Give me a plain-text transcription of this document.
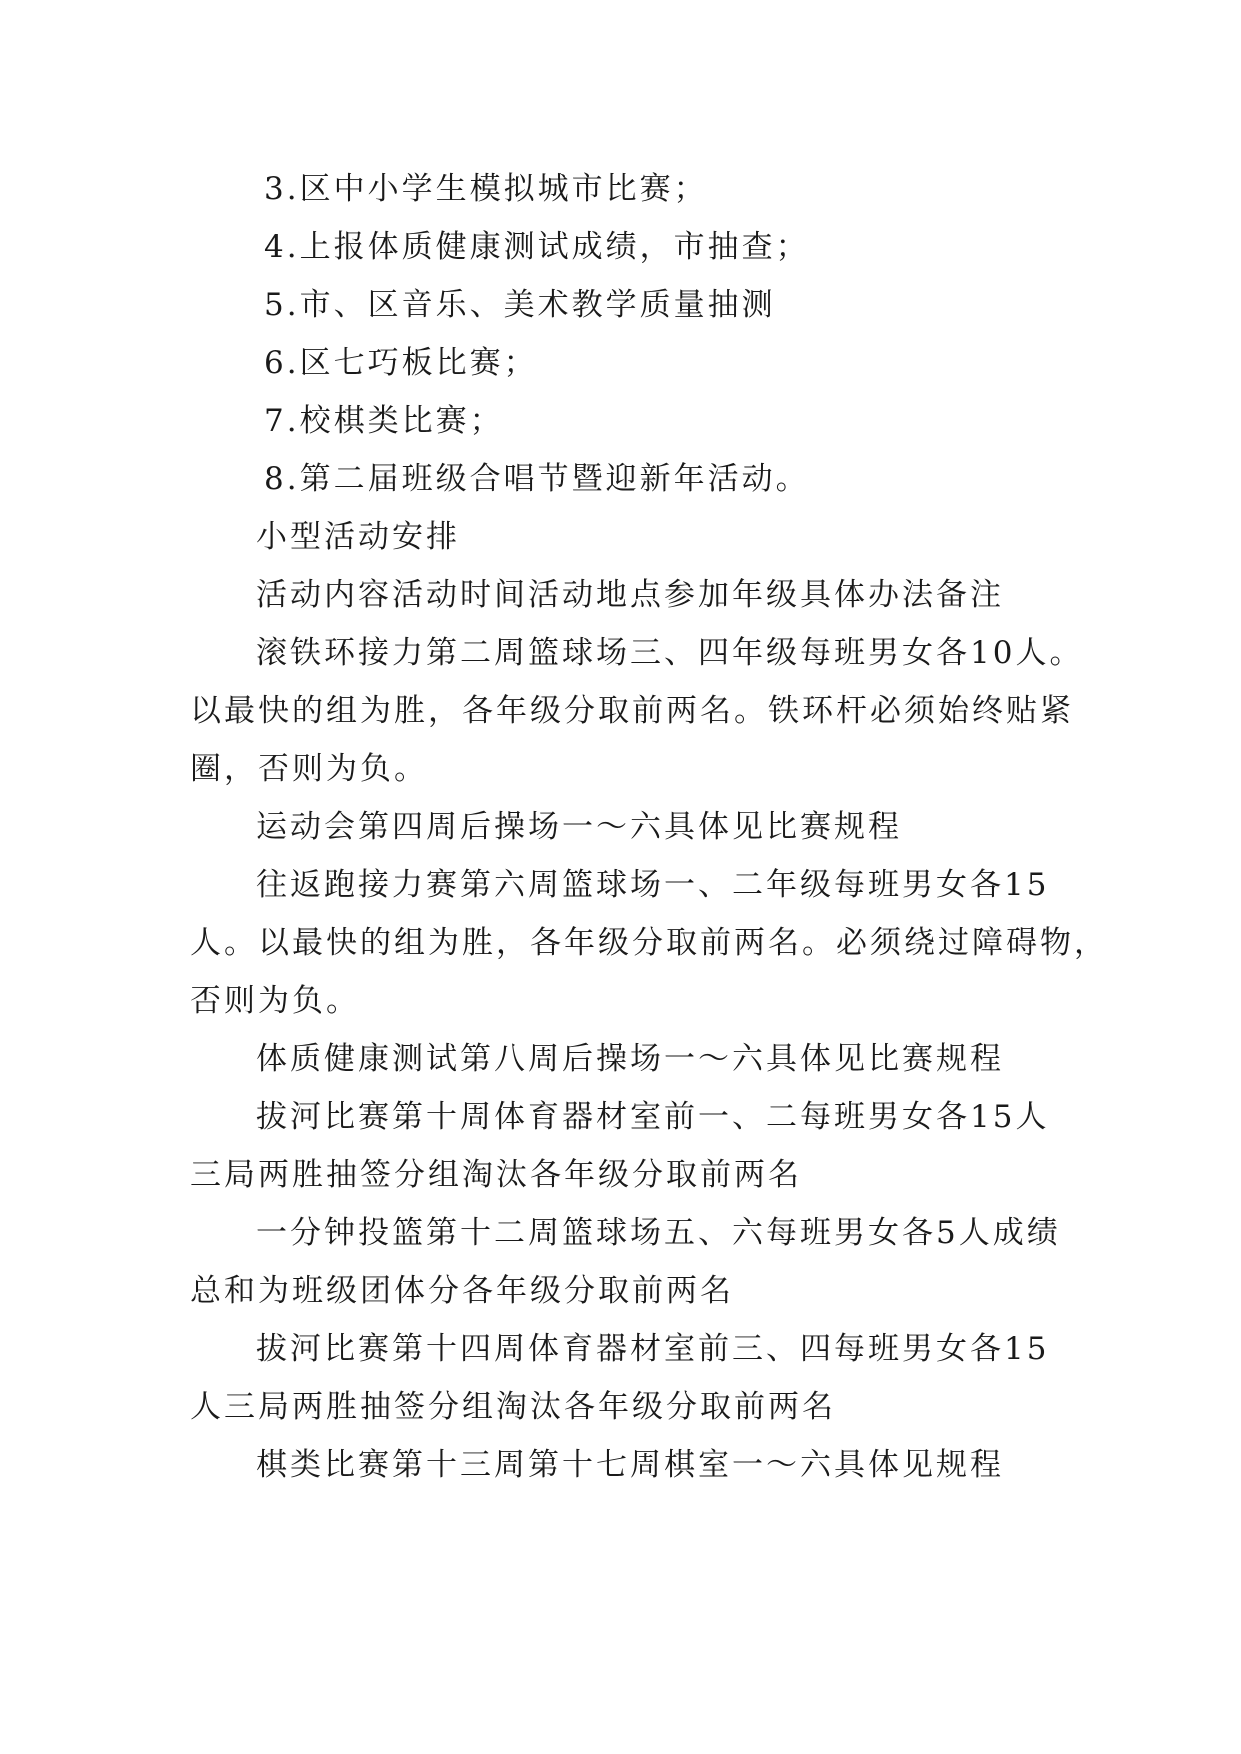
3.区中小学生模拟城市比赛；
4.上报体质健康测试成绩，市抽查；
5.市、区音乐、美术教学质量抽测
6.区七巧板比赛；
7.校棋类比赛；
8.第二届班级合唱节暨迎新年活动。
小型活动安排
活动内容活动时间活动地点参加年级具体办法备注
滚铁环接力第二周篮球场三、四年级每班男女各10人。
以最快的组为胜，各年级分取前两名。铁环杆必须始终贴紧
圈，否则为负。
运动会第四周后操场一～六具体见比赛规程
往返跑接力赛第六周篮球场一、二年级每班男女各15
人。以最快的组为胜，各年级分取前两名。必须绕过障碍物，
否则为负。
体质健康测试第八周后操场一～六具体见比赛规程
拔河比赛第十周体育器材室前一、二每班男女各15人
三局两胜抽签分组淘汰各年级分取前两名
一分钟投篮第十二周篮球场五、六每班男女各5人成绩
总和为班级团体分各年级分取前两名
拔河比赛第十四周体育器材室前三、四每班男女各15
人三局两胜抽签分组淘汰各年级分取前两名
棋类比赛第十三周第十七周棋室一～六具体见规程
